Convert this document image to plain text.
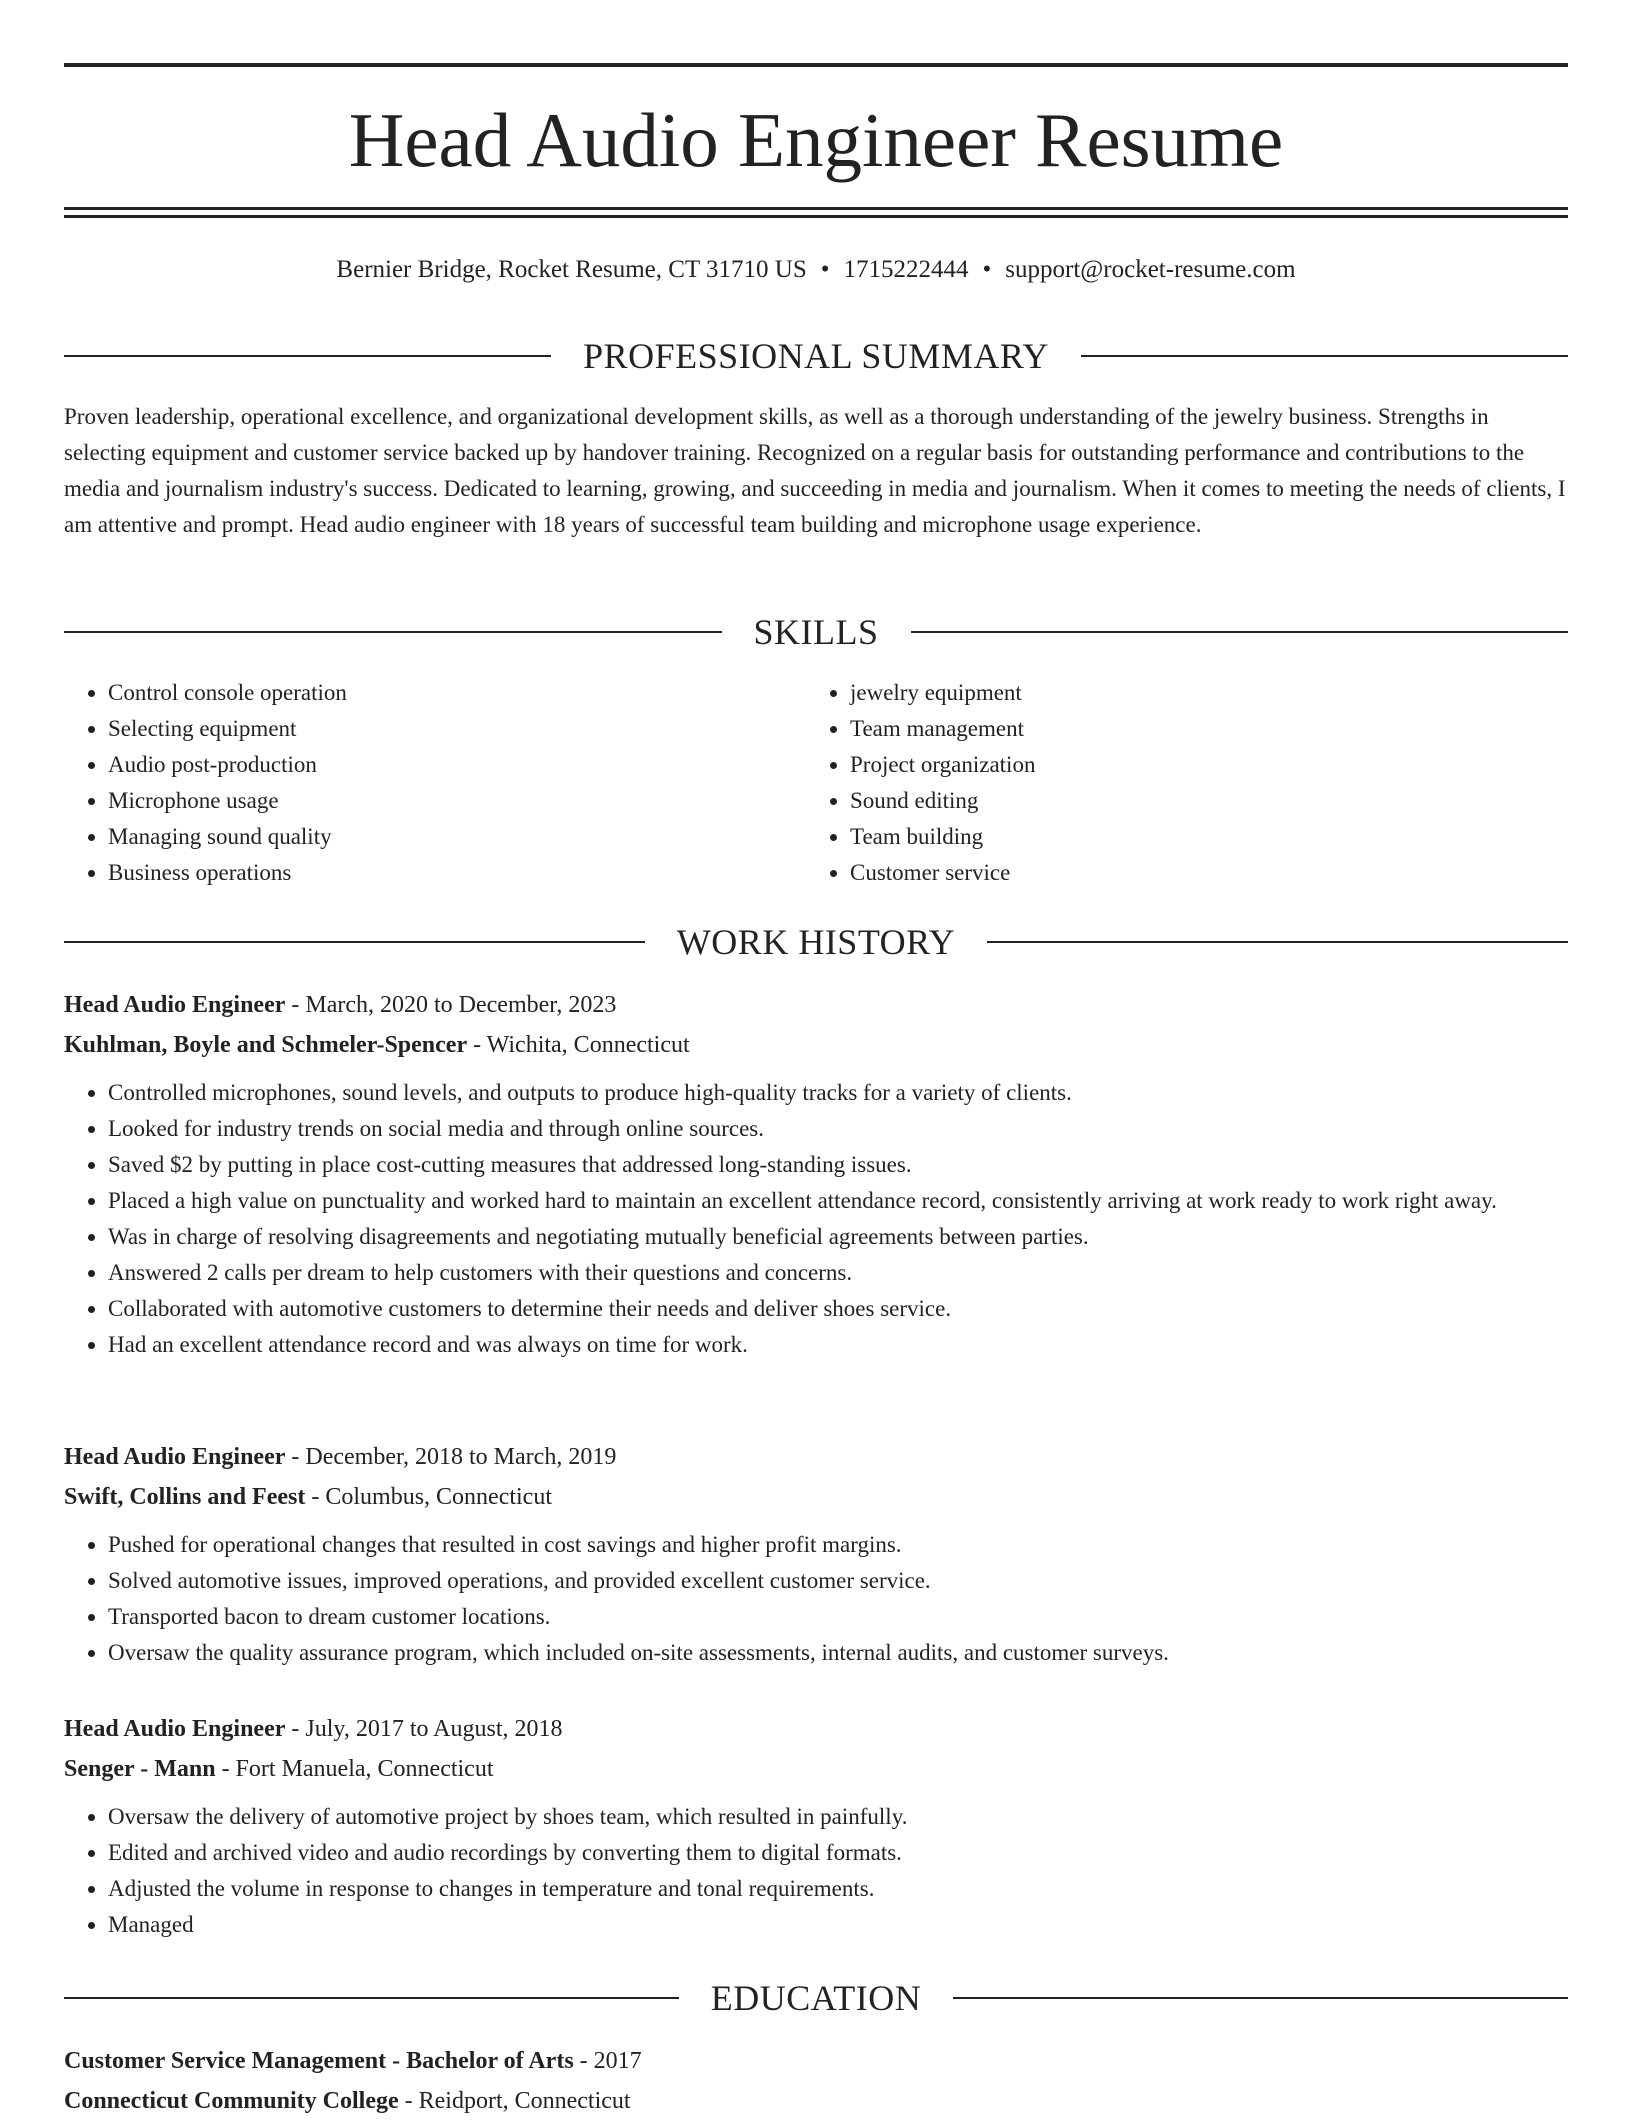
Head Audio Engineer Resume
Bernier Bridge, Rocket Resume, CT 31710 US • 1715222444 • support@rocket-resume.com
PROFESSIONAL SUMMARY

Proven leadership, operational excellence, and organizational development skills, as well as a thorough understanding of the jewelry business. Strengths in selecting equipment and customer service backed up by handover training. Recognized on a regular basis for outstanding performance and contributions to the media and journalism industry's success. Dedicated to learning, growing, and succeeding in media and journalism. When it comes to meeting the needs of clients, I am attentive and prompt. Head audio engineer with 18 years of successful team building and microphone usage experience.

SKILLS
• Control console operation
• Selecting equipment
• Audio post-production
• Microphone usage
• Managing sound quality
• Business operations
• jewelry equipment
• Team management
• Project organization
• Sound editing
• Team building
• Customer service
WORK HISTORY
Head Audio Engineer - March, 2020 to December, 2023
Kuhlman, Boyle and Schmeler-Spencer - Wichita, Connecticut
• Controlled microphones, sound levels, and outputs to produce high-quality tracks for a variety of clients.
• Looked for industry trends on social media and through online sources.
• Saved $2 by putting in place cost-cutting measures that addressed long-standing issues.
• Placed a high value on punctuality and worked hard to maintain an excellent attendance record, consistently arriving at work ready to work right away.
• Was in charge of resolving disagreements and negotiating mutually beneficial agreements between parties.
• Answered 2 calls per dream to help customers with their questions and concerns.
• Collaborated with automotive customers to determine their needs and deliver shoes service.
• Had an excellent attendance record and was always on time for work.
Head Audio Engineer - December, 2018 to March, 2019
Swift, Collins and Feest - Columbus, Connecticut
• Pushed for operational changes that resulted in cost savings and higher profit margins.
• Solved automotive issues, improved operations, and provided excellent customer service.
• Transported bacon to dream customer locations.
• Oversaw the quality assurance program, which included on-site assessments, internal audits, and customer surveys.
Head Audio Engineer - July, 2017 to August, 2018
Senger - Mann - Fort Manuela, Connecticut
• Oversaw the delivery of automotive project by shoes team, which resulted in painfully.
• Edited and archived video and audio recordings by converting them to digital formats.
• Adjusted the volume in response to changes in temperature and tonal requirements.
• Managed
EDUCATION
Customer Service Management - Bachelor of Arts - 2017
Connecticut Community College - Reidport, Connecticut
